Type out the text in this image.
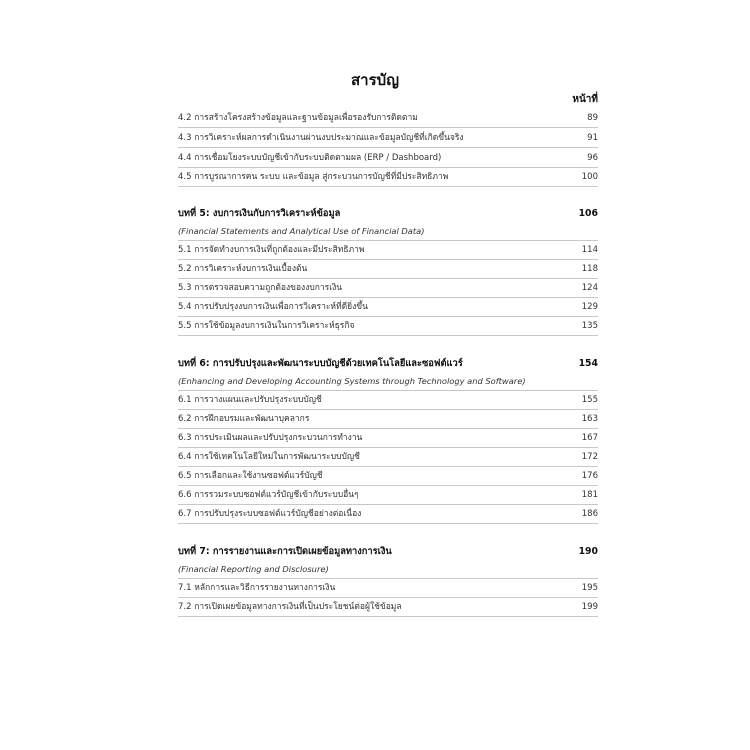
สารบัญ
หน้าที่
4.2 การสร้างโครงสร้างข้อมูลและฐานข้อมูลเพื่อรองรับการติดตาม	89
4.3 การวิเคราะห์ผลการดำเนินงานผ่านงบประมาณและข้อมูลบัญชีที่เกิดขึ้นจริง	91
4.4 การเชื่อมโยงระบบบัญชีเข้ากับระบบติดตามผล (ERP / Dashboard)	96
4.5 การบูรณาการคน ระบบ และข้อมูล สู่กระบวนการบัญชีที่มีประสิทธิภาพ	100
บทที่ 5: งบการเงินกับการวิเคราะห์ข้อมูล	106
(Financial Statements and Analytical Use of Financial Data)
5.1 การจัดทำงบการเงินที่ถูกต้องและมีประสิทธิภาพ	114
5.2 การวิเคราะห์งบการเงินเบื้องต้น	118
5.3 การตรวจสอบความถูกต้องของงบการเงิน	124
5.4 การปรับปรุงงบการเงินเพื่อการวิเคราะห์ที่ดียิ่งขึ้น	129
5.5 การใช้ข้อมูลงบการเงินในการวิเคราะห์ธุรกิจ	135
บทที่ 6: การปรับปรุงและพัฒนาระบบบัญชีด้วยเทคโนโลยีและซอฟต์แวร์	154
(Enhancing and Developing Accounting Systems through Technology and Software)
6.1 การวางแผนและปรับปรุงระบบบัญชี	155
6.2 การฝึกอบรมและพัฒนาบุคลากร	163
6.3 การประเมินผลและปรับปรุงกระบวนการทำงาน	167
6.4 การใช้เทคโนโลยีใหม่ในการพัฒนาระบบบัญชี	172
6.5 การเลือกและใช้งานซอฟต์แวร์บัญชี	176
6.6 การรวมระบบซอฟต์แวร์บัญชีเข้ากับระบบอื่นๆ	181
6.7 การปรับปรุงระบบซอฟต์แวร์บัญชีอย่างต่อเนื่อง	186
บทที่ 7: การรายงานและการเปิดเผยข้อมูลทางการเงิน	190
(Financial Reporting and Disclosure)
7.1 หลักการและวิธีการรายงานทางการเงิน	195
7.2 การเปิดเผยข้อมูลทางการเงินที่เป็นประโยชน์ต่อผู้ใช้ข้อมูล	199
